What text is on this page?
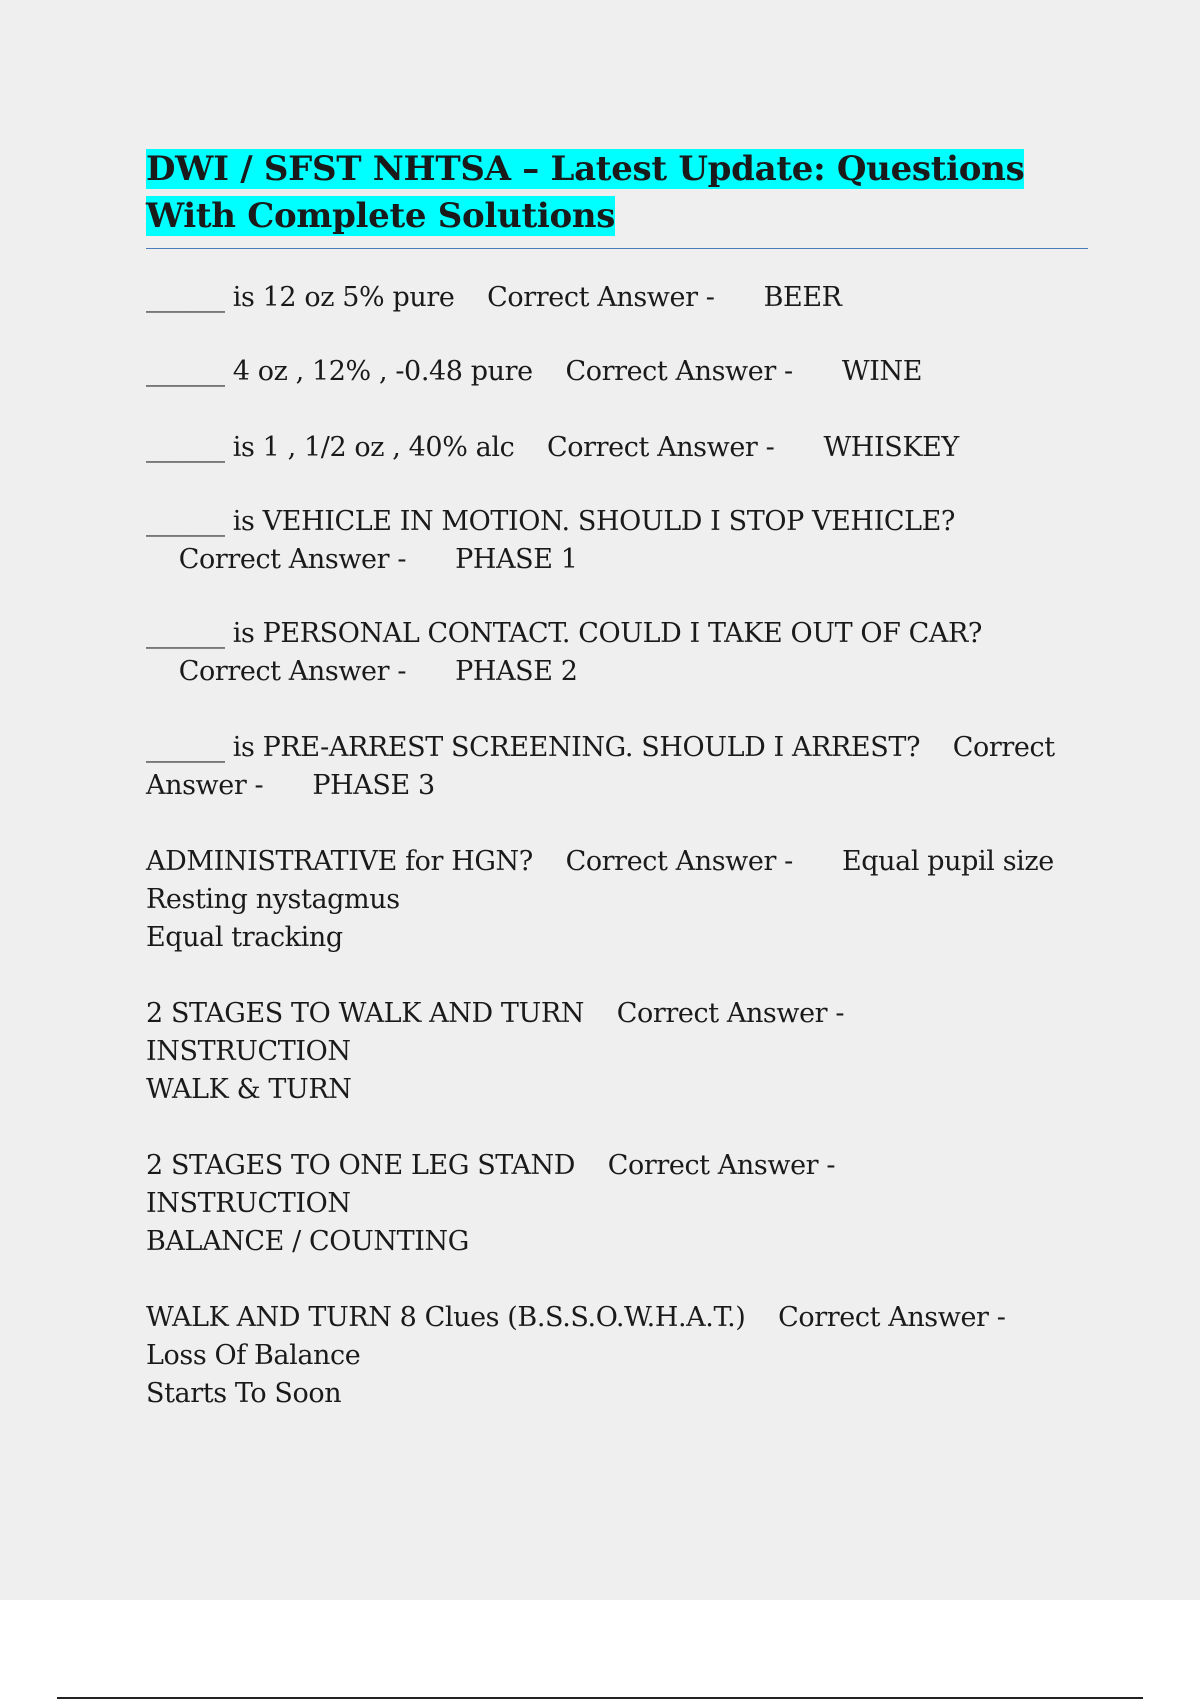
DWI / SFST NHTSA – Latest Update: Questions
With Complete Solutions

______ is 12 oz 5% pure Correct Answer - BEER

______ 4 oz , 12% , -0.48 pure Correct Answer - WINE

______ is 1 , 1/2 oz , 40% alc Correct Answer - WHISKEY

______ is VEHICLE IN MOTION. SHOULD I STOP VEHICLE?    Correct Answer - PHASE 1

______ is PERSONAL CONTACT. COULD I TAKE OUT OF CAR?    Correct Answer - PHASE 2

______ is PRE-ARREST SCREENING. SHOULD I ARREST? Correct Answer - PHASE 3

ADMINISTRATIVE for HGN? Correct Answer - Equal pupil size
Resting nystagmus
Equal tracking

2 STAGES TO WALK AND TURN Correct Answer -
INSTRUCTION
WALK & TURN

2 STAGES TO ONE LEG STAND Correct Answer -
INSTRUCTION
BALANCE / COUNTING

WALK AND TURN 8 Clues (B.S.S.O.W.H.A.T.) Correct Answer -
Loss Of Balance
Starts To Soon
